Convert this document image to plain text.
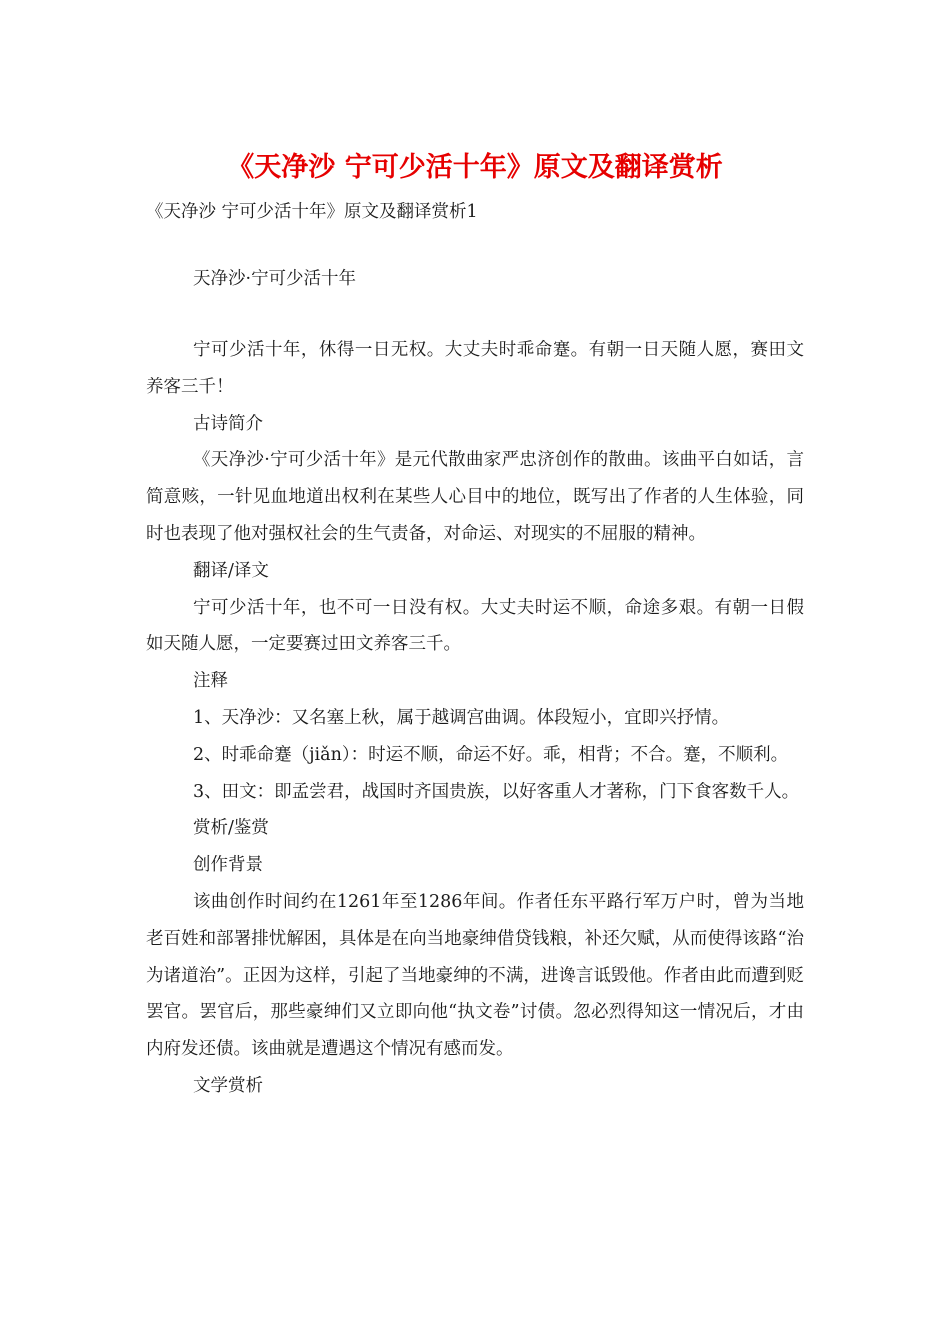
《天净沙 宁可少活十年》原文及翻译赏析

《天净沙 宁可少活十年》原文及翻译赏析1

天净沙·宁可少活十年

宁可少活十年，休得一日无权。大丈夫时乖命蹇。有朝一日天随人愿，赛田文养客三千！

古诗简介

《天净沙·宁可少活十年》是元代散曲家严忠济创作的散曲。该曲平白如话，言简意赅，一针见血地道出权利在某些人心目中的地位，既写出了作者的人生体验，同时也表现了他对强权社会的生气责备，对命运、对现实的不屈服的精神。

翻译/译文

宁可少活十年，也不可一日没有权。大丈夫时运不顺，命途多艰。有朝一日假如天随人愿，一定要赛过田文养客三千。

注释

1、天净沙：又名塞上秋，属于越调宫曲调。体段短小，宜即兴抒情。

2、时乖命蹇（jiǎn）：时运不顺，命运不好。乖，相背；不合。蹇，不顺利。

3、田文：即孟尝君，战国时齐国贵族，以好客重人才著称，门下食客数千人。

赏析/鉴赏

创作背景

该曲创作时间约在1261年至1286年间。作者任东平路行军万户时，曾为当地老百姓和部署排忧解困，具体是在向当地豪绅借贷钱粮，补还欠赋，从而使得该路“治为诸道治”。正因为这样，引起了当地豪绅的不满，进谗言诋毁他。作者由此而遭到贬罢官。罢官后，那些豪绅们又立即向他“执文卷”讨债。忽必烈得知这一情况后，才由内府发还债。该曲就是遭遇这个情况有感而发。

文学赏析
